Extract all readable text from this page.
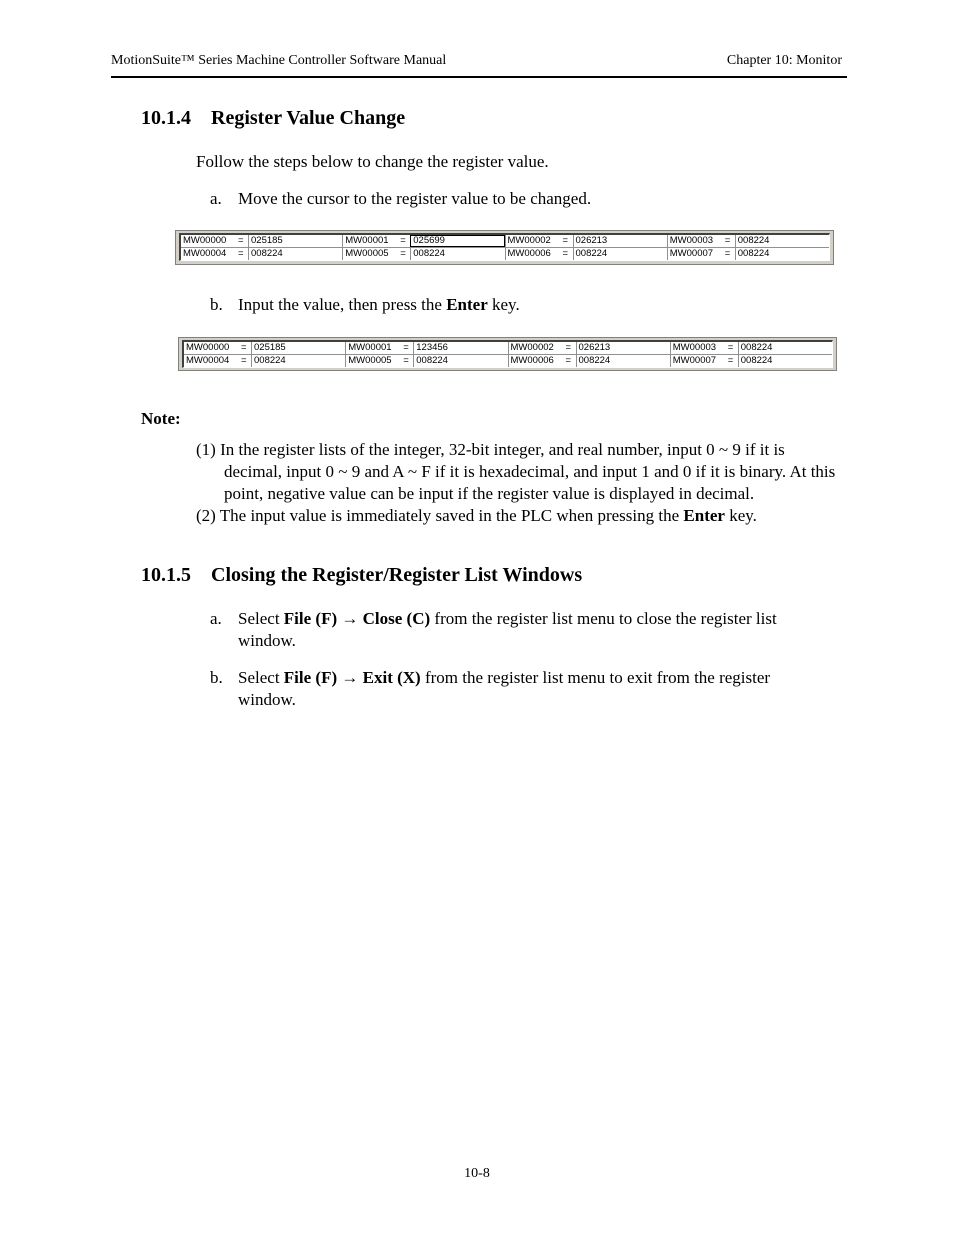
MotionSuite™ Series Machine Controller Software Manual	Chapter 10: Monitor
10.1.4 Register Value Change

Follow the steps below to change the register value.

a. Move the cursor to the register value to be changed.
MW00000	= 025185	MW00001	= 025699	MW00002	= 026213	MW00003	= 008224
MW00004	= 008224	MW00005	= 008224	MW00006	= 008224	MW00007	= 008224
b. Input the value, then press the Enter key.
MW00000	= 025185	MW00001	= 123456	MW00002	= 026213	MW00003	= 008224
MW00004	= 008224	MW00005	= 008224	MW00006	= 008224	MW00007	= 008224
Note:

(1) In the register lists of the integer, 32-bit integer, and real number, input 0 ~ 9 if it is decimal, input 0 ~ 9 and A ~ F if it is hexadecimal, and input 1 and 0 if it is binary. At this point, negative value can be input if the register value is displayed in decimal.

(2) The input value is immediately saved in the PLC when pressing the Enter key.

10.1.5 Closing the Register/Register List Windows
a. Select File (F) → Close (C) from the register list menu to close the register list
window.
b. Select File (F) → Exit (X) from the register list menu to exit from the register
window.
10-8
